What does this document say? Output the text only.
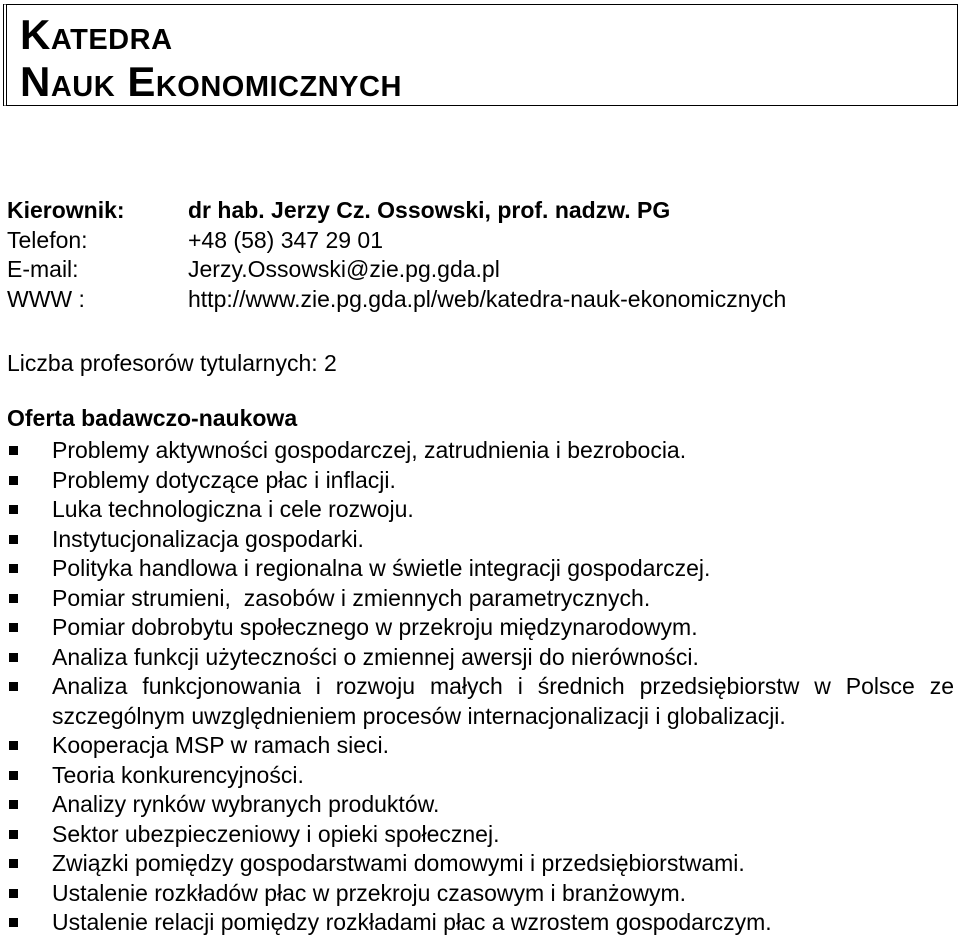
Katedra
Nauk Ekonomicznych
Kierownik:	dr hab. Jerzy Cz. Ossowski, prof. nadzw. PG
Telefon:	+48 (58) 347 29 01
E-mail:	Jerzy.Ossowski@zie.pg.gda.pl
WWW :	http://www.zie.pg.gda.pl/web/katedra-nauk-ekonomicznych
Liczba profesorów tytularnych: 2
Oferta badawczo-naukowa
Problemy aktywności gospodarczej, zatrudnienia i bezrobocia.
Problemy dotyczące płac i inflacji.
Luka technologiczna i cele rozwoju.
Instytucjonalizacja gospodarki.
Polityka handlowa i regionalna w świetle integracji gospodarczej.
Pomiar strumieni,  zasobów i zmiennych parametrycznych.
Pomiar dobrobytu społecznego w przekroju międzynarodowym.
Analiza funkcji użyteczności o zmiennej awersji do nierówności.
Analiza funkcjonowania i rozwoju małych i średnich przedsiębiorstw w Polsce ze szczególnym uwzględnieniem procesów internacjonalizacji i globalizacji.
Kooperacja MSP w ramach sieci.
Teoria konkurencyjności.
Analizy rynków wybranych produktów.
Sektor ubezpieczeniowy i opieki społecznej.
Związki pomiędzy gospodarstwami domowymi i przedsiębiorstwami.
Ustalenie rozkładów płac w przekroju czasowym i branżowym.
Ustalenie relacji pomiędzy rozkładami płac a wzrostem gospodarczym.
